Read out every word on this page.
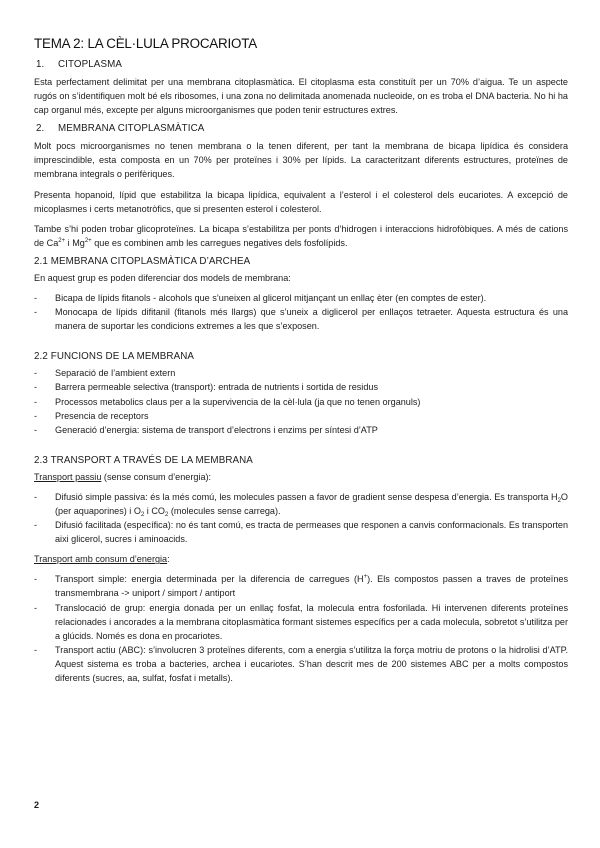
TEMA 2: LA CÈL·LULA PROCARIOTA
1. CITOPLASMA

Esta perfectament delimitat per una membrana citoplasmàtica. El citoplasma esta constituït per un 70% d’aigua. Te un aspecte rugós on s’identifiquen molt bé els ribosomes, i una zona no delimitada anomenada nucleoide, on es troba el DNA bacteria. No hi ha cap organul més, excepte per alguns microorganismes que poden tenir estructures extres.

2. MEMBRANA CITOPLASMÀTICA

Molt pocs microorganismes no tenen membrana o la tenen diferent, per tant la membrana de bicapa lipídica és considera imprescindible, esta composta en un 70% per proteïnes i 30% per lípids. La caracteritzant diferents estructures, proteïnes de membrana integrals o perifèriques.

Presenta hopanoid, lípid que estabilitza la bicapa lipídica, equivalent a l’esterol i el colesterol dels eucariotes. A excepció de micoplasmes i certs metanotròfics, que si presenten esterol i colesterol.

Tambe s’hi poden trobar glicoproteïnes. La bicapa s’estabilitza per ponts d’hidrogen i interaccions hidrofòbiques. A més de cations de $Ca^{2+}$ i $Mg^{2+}$ que es combinen amb les carregues negatives dels fosfolípids.

2.1 MEMBRANA CITOPLASMÀTICA D’ARCHEA

En aquest grup es poden diferenciar dos models de membrana:

- Bicapa de lípids fitanols - alcohols que s’uneixen al glicerol mitjançant un enllaç èter (en comptes de ester).
- Monocapa de lípids difitanil (fitanols més llargs) que s’uneix a diglicerol per enllaços tetraeter. Aquesta estructura és una manera de suportar les condicions extremes a les que s’exposen.
2.2 FUNCIONS DE LA MEMBRANA
- Separació de l’ambient extern
- Barrera permeable selectiva (transport): entrada de nutrients i sortida de residus
- Processos metabolics claus per a la supervivencia de la cèl·lula (ja que no tenen organuls)
- Presencia de receptors
- Generació d’energia: sistema de transport d’electrons i enzims per síntesi d’ATP
2.3 TRANSPORT A TRAVÉS DE LA MEMBRANA

Transport passiu (sense consum d’energia):

- Difusió simple passiva: és la més comú, les molecules passen a favor de gradient sense despesa d’energia. Es transporta $H_2O$ (per aquaporines) i $O_2$ i $CO_2$ (molecules sense carrega).
- Difusió facilitada (específica): no és tant comú, es tracta de permeases que responen a canvis conformacionals. Es transporten aixi glicerol, sucres i aminoacids.

Transport amb consum d’energia:

- Transport simple: energia determinada per la diferencia de carregues (H+). Els compostos passen a traves de proteïnes transmembrana -> uniport / simport / antiport
- Translocació de grup: energia donada per un enllaç fosfat, la molecula entra fosforilada. Hi intervenen diferents proteïnes relacionades i ancorades a la membrana citoplasmàtica formant sistemes específics per a cada molecula, sobretot s’utilitza per a glúcids. Només es dona en procariotes.
- Transport actiu (ABC): s’involucren 3 proteïnes diferents, com a energia s’utilitza la força motriu de protons o la hidrolisi d’ATP. Aquest sistema es troba a bacteries, archea i eucariotes. S’han descrit mes de 200 sistemes ABC per a molts compostos diferents (sucres, aa, sulfat, fosfat i metalls).
2
